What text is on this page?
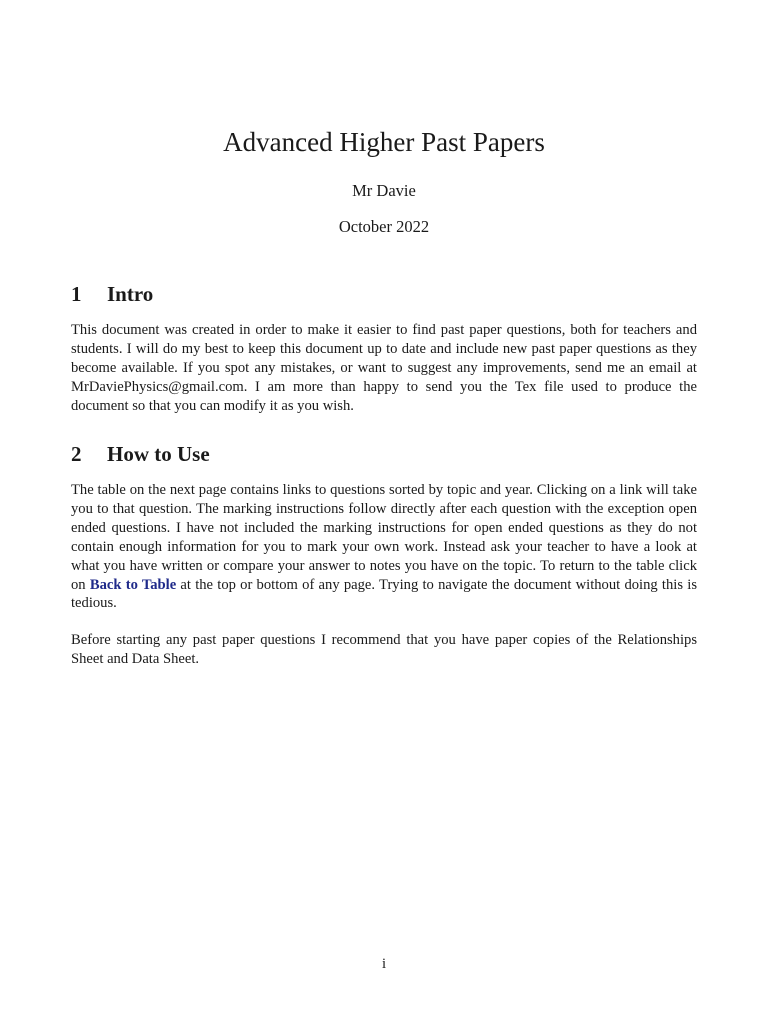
Advanced Higher Past Papers

Mr Davie

October 2022

1 Intro

This document was created in order to make it easier to find past paper questions, both for teachers and students. I will do my best to keep this document up to date and include new past paper questions as they become available. If you spot any mistakes, or want to suggest any improvements, send me an email at MrDaviePhysics@gmail.com. I am more than happy to send you the Tex file used to produce the document so that you can modify it as you wish.

2 How to Use

The table on the next page contains links to questions sorted by topic and year. Clicking on a link will take you to that question. The marking instructions follow directly after each question with the exception open ended questions. I have not included the marking instructions for open ended questions as they do not contain enough information for you to mark your own work. Instead ask your teacher to have a look at what you have written or compare your answer to notes you have on the topic. To return to the table click on Back to Table at the top or bottom of any page. Trying to navigate the document without doing this is tedious.

Before starting any past paper questions I recommend that you have paper copies of the Relationships Sheet and Data Sheet.

i
